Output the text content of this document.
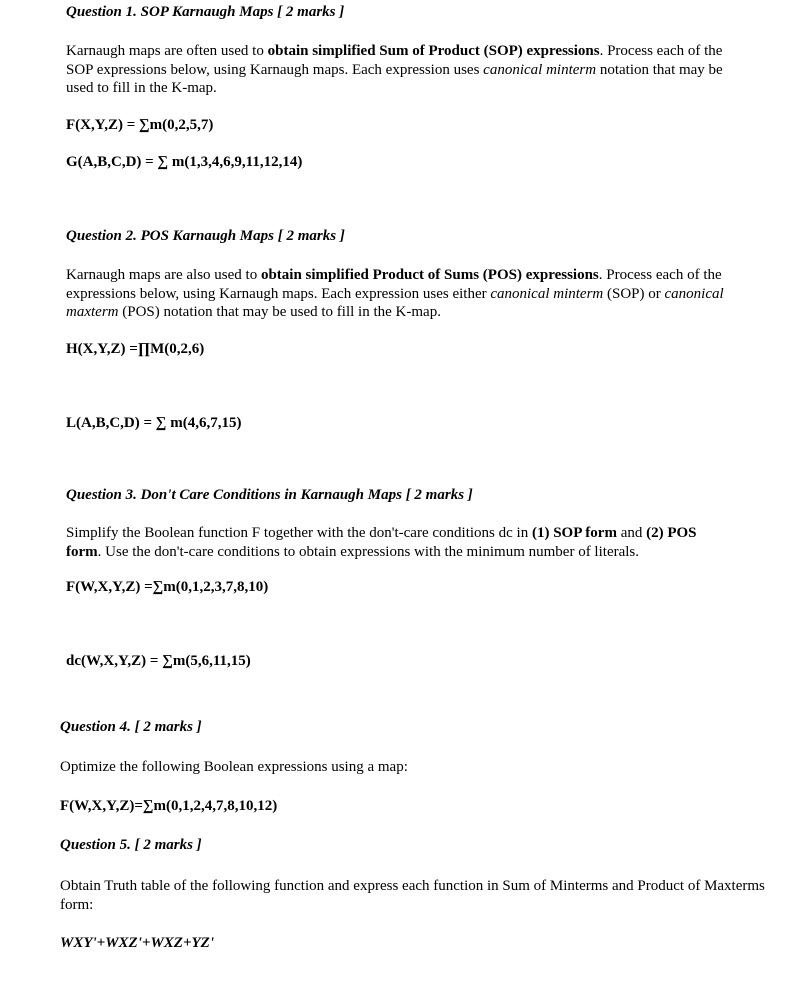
Question 1. SOP Karnaugh Maps [ 2 marks ]
Karnaugh maps are often used to obtain simplified Sum of Product (SOP) expressions. Process each of the SOP expressions below, using Karnaugh maps. Each expression uses canonical minterm notation that may be used to fill in the K-map.
F(X,Y,Z) = ∑m(0,2,5,7)
G(A,B,C,D) = ∑ m(1,3,4,6,9,11,12,14)
Question 2. POS Karnaugh Maps [ 2 marks ]
Karnaugh maps are also used to obtain simplified Product of Sums (POS) expressions. Process each of the expressions below, using Karnaugh maps. Each expression uses either canonical minterm (SOP) or canonical maxterm (POS) notation that may be used to fill in the K-map.
H(X,Y,Z) =∏M(0,2,6)
L(A,B,C,D) = ∑ m(4,6,7,15)
Question 3. Don't Care Conditions in Karnaugh Maps [ 2 marks ]
Simplify the Boolean function F together with the don't-care conditions dc in (1) SOP form and (2) POS form. Use the don't-care conditions to obtain expressions with the minimum number of literals.
F(W,X,Y,Z) =∑m(0,1,2,3,7,8,10)
dc(W,X,Y,Z) = ∑m(5,6,11,15)
Question 4. [ 2 marks ]
Optimize the following Boolean expressions using a map:
F(W,X,Y,Z)=∑m(0,1,2,4,7,8,10,12)
Question 5. [ 2 marks ]
Obtain Truth table of the following function and express each function in Sum of Minterms and Product of Maxterms form:
WXY'+WXZ'+WXZ+YZ'
